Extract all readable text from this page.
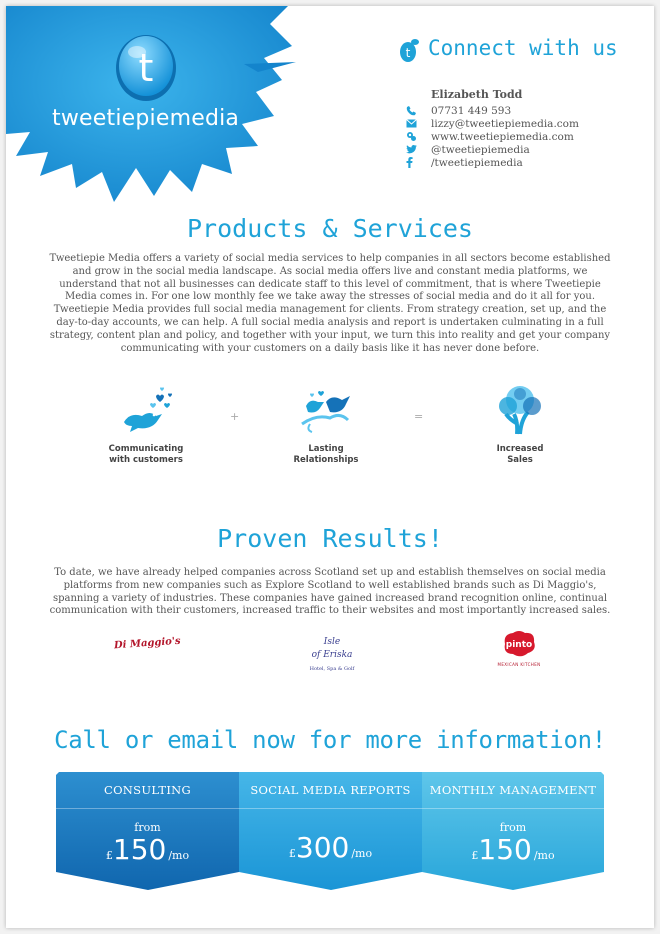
t
tweetiepiemedia
t Connect with us
Elizabeth Todd
07731 449 593
lizzy@tweetiepiemedia.com
www.tweetiepiemedia.com
@tweetiepiemedia
/tweetiepiemedia
Products & Services

Tweetiepie Media offers a variety of social media services to help companies in all sectors become established and grow in the social media landscape. As social media offers live and constant media platforms, we understand that not all businesses can dedicate staff to this level of commitment, that is where Tweetiepie Media comes in. For one low monthly fee we take away the stresses of social media and do it all for you. Tweetiepie Media provides full social media management for clients. From strategy creation, set up, and the day-to-day accounts, we can help. A full social media analysis and report is undertaken culminating in a full strategy, content plan and policy, and together with your input, we turn this into reality and get your company communicating with your customers on a daily basis like it has never done before.

Communicating
with customers
+
Lasting
Relationships
=
Increased
Sales
Proven Results!

To date, we have already helped companies across Scotland set up and establish themselves on social media platforms from new companies such as Explore Scotland to well established brands such as Di Maggio's, spanning a variety of industries. These companies have gained increased brand recognition online, continual communication with their customers, increased traffic to their websites and most importantly increased sales.

Di Maggio's	Isle
of Eriska
Hotel, Spa & Golf
pinto
MEXICAN KITCHEN
Call or email now for more information!
CONSULTING
from
£ 150 /mo
SOCIAL MEDIA REPORTS
£ 300 /mo
MONTHLY MANAGEMENT
from
£ 150 /mo
